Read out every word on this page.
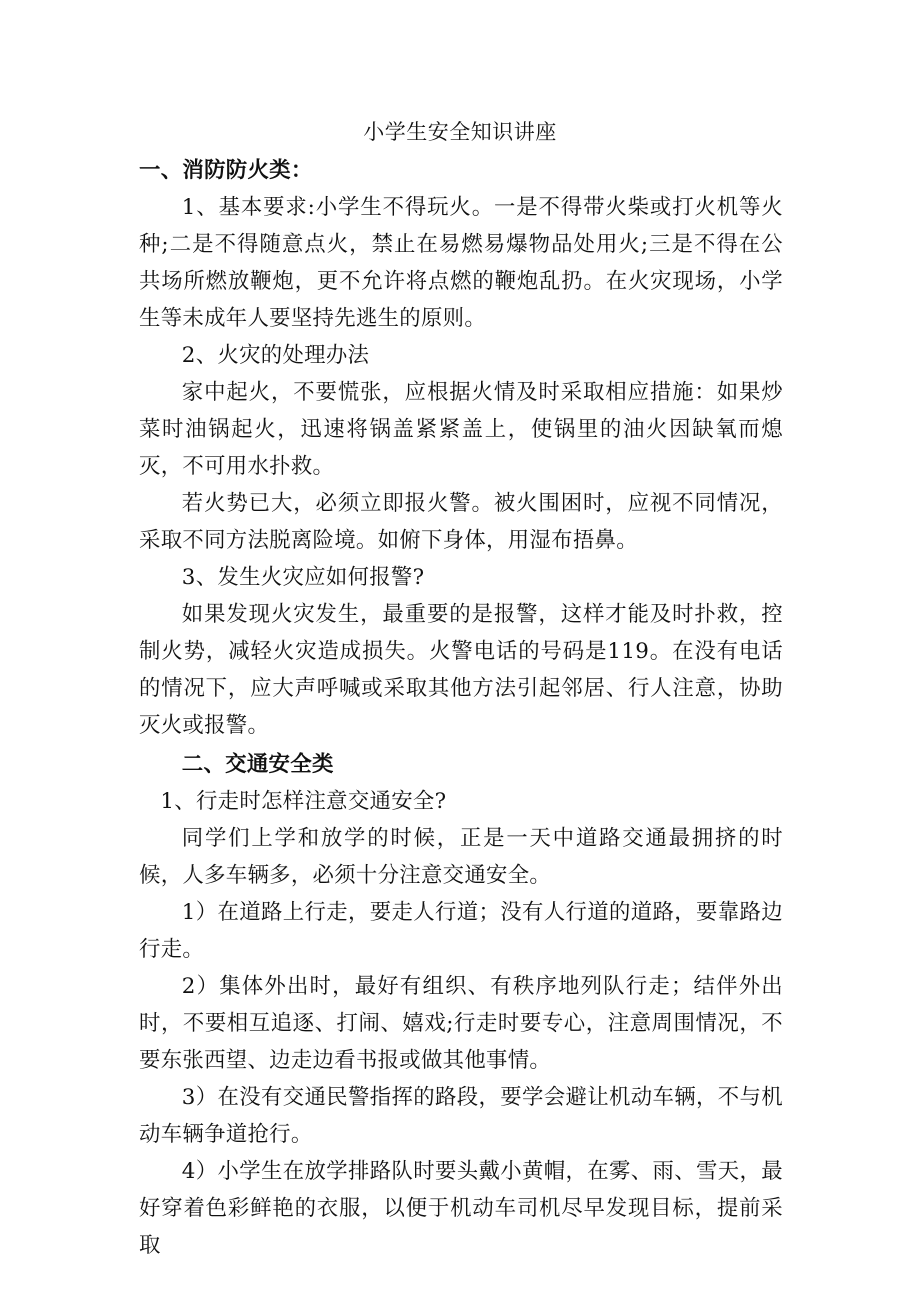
小学生安全知识讲座

一、消防防火类：

1、基本要求:小学生不得玩火。一是不得带火柴或打火机等火种;二是不得随意点火，禁止在易燃易爆物品处用火;三是不得在公共场所燃放鞭炮，更不允许将点燃的鞭炮乱扔。在火灾现场，小学生等未成年人要坚持先逃生的原则。

2、火灾的处理办法

家中起火，不要慌张，应根据火情及时采取相应措施：如果炒菜时油锅起火，迅速将锅盖紧紧盖上，使锅里的油火因缺氧而熄灭，不可用水扑救。

若火势已大，必须立即报火警。被火围困时，应视不同情况，采取不同方法脱离险境。如俯下身体，用湿布捂鼻。

3、发生火灾应如何报警?

如果发现火灾发生，最重要的是报警，这样才能及时扑救，控制火势，减轻火灾造成损失。火警电话的号码是119。在没有电话的情况下，应大声呼喊或采取其他方法引起邻居、行人注意，协助灭火或报警。

二、交通安全类

1、行走时怎样注意交通安全?

同学们上学和放学的时候，正是一天中道路交通最拥挤的时候，人多车辆多，必须十分注意交通安全。

1）在道路上行走，要走人行道；没有人行道的道路，要靠路边行走。

2）集体外出时，最好有组织、有秩序地列队行走；结伴外出时，不要相互追逐、打闹、嬉戏;行走时要专心，注意周围情况，不要东张西望、边走边看书报或做其他事情。

3）在没有交通民警指挥的路段，要学会避让机动车辆，不与机动车辆争道抢行。

4）小学生在放学排路队时要头戴小黄帽，在雾、雨、雪天，最好穿着色彩鲜艳的衣服，以便于机动车司机尽早发现目标，提前采取
